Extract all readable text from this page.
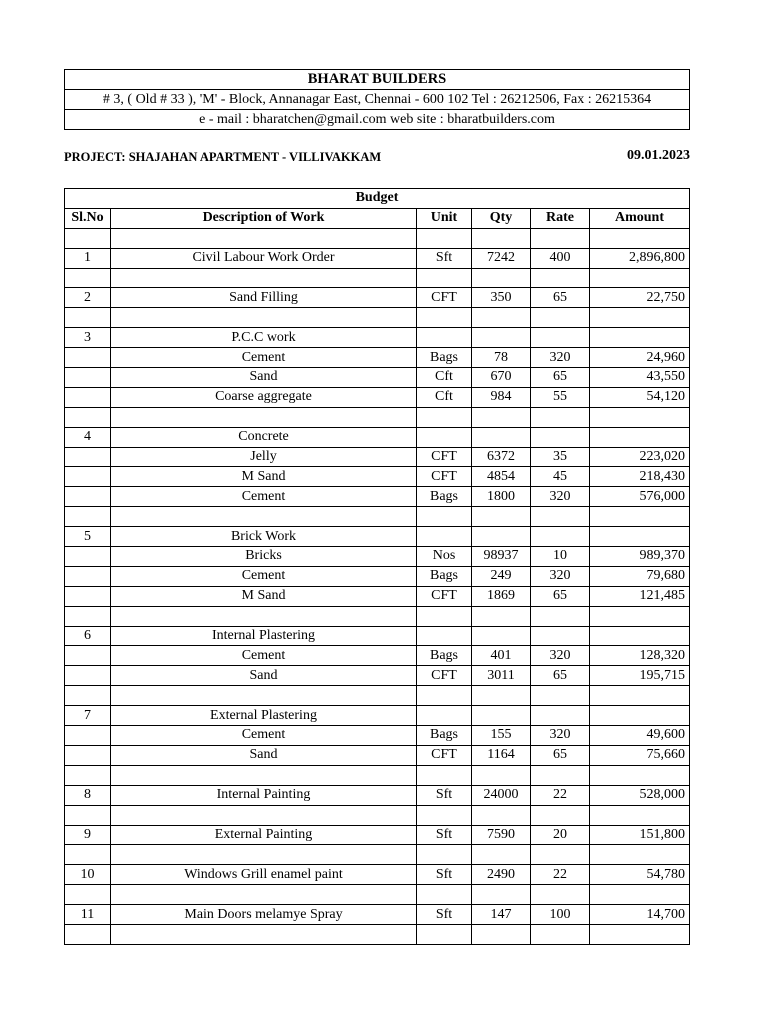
BHARAT BUILDERS
# 3, ( Old # 33 ), 'M' - Block, Annanagar East, Chennai - 600 102 Tel : 26212506, Fax : 26215364
e - mail : bharatchen@gmail.com web site : bharatbuilders.com
PROJECT: SHAJAHAN APARTMENT - VILLIVAKKAM	09.01.2023
Budget					
Sl.No	Description of Work	Unit	Qty	Rate	Amount

1	Civil Labour Work Order	Sft	7242	400	2,896,800

2	Sand Filling	CFT	350	65	22,750

3	P.C.C work				
	Cement	Bags	78	320	24,960
	Sand	Cft	670	65	43,550
	Coarse aggregate	Cft	984	55	54,120

4	Concrete				
	Jelly	CFT	6372	35	223,020
	M Sand	CFT	4854	45	218,430
	Cement	Bags	1800	320	576,000

5	Brick Work				
	Bricks	Nos	98937	10	989,370
	Cement	Bags	249	320	79,680
	M Sand	CFT	1869	65	121,485

6	Internal Plastering				
	Cement	Bags	401	320	128,320
	Sand	CFT	3011	65	195,715

7	External Plastering				
	Cement	Bags	155	320	49,600
	Sand	CFT	1164	65	75,660

8	Internal Painting	Sft	24000	22	528,000

9	External Painting	Sft	7590	20	151,800

10	Windows Grill enamel paint	Sft	2490	22	54,780

11	Main Doors melamye Spray	Sft	147	100	14,700
